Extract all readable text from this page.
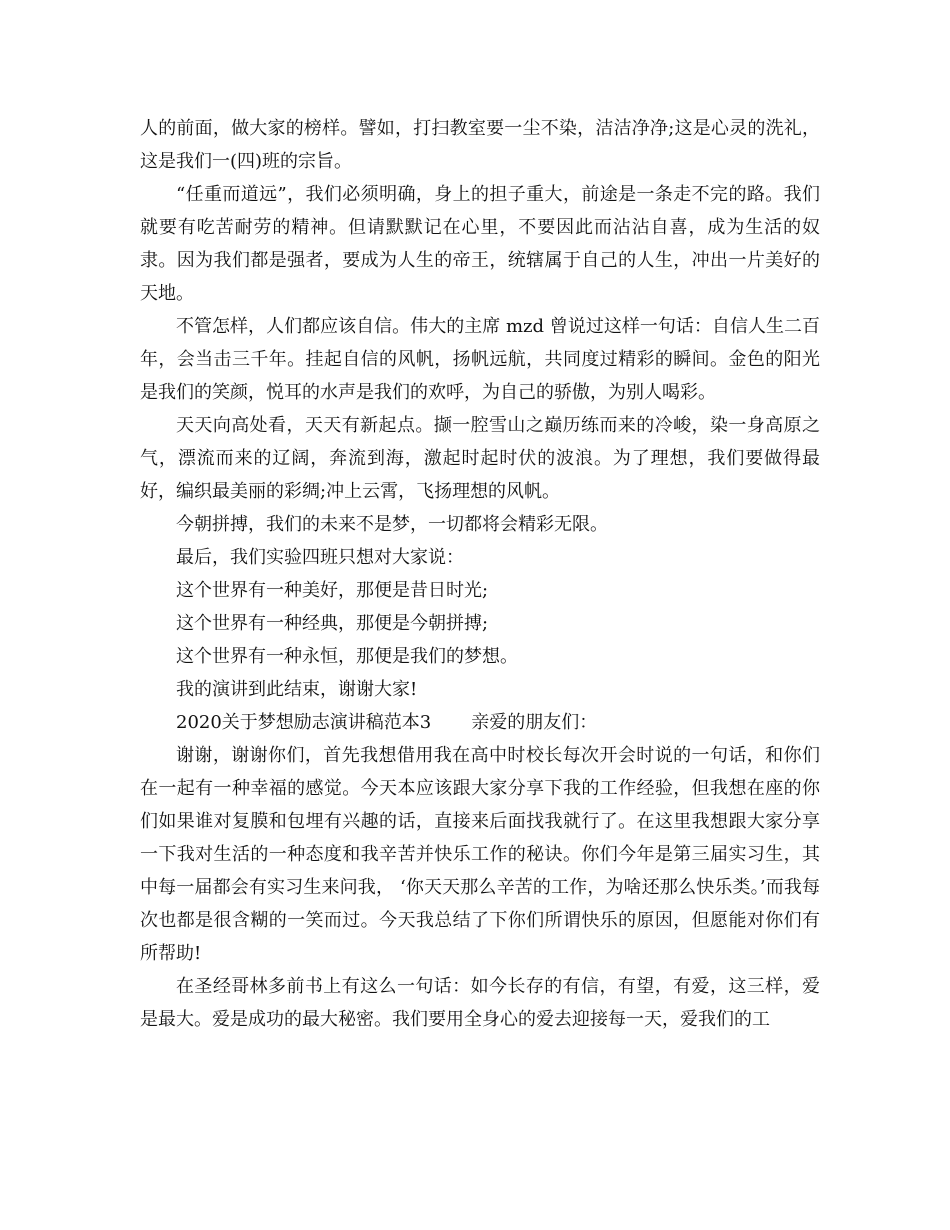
人的前面，做大家的榜样。譬如，打扫教室要一尘不染，洁洁净净;这是心灵的洗礼，这是我们一(四)班的宗旨。

“任重而道远”，我们必须明确，身上的担子重大，前途是一条走不完的路。我们就要有吃苦耐劳的精神。但请默默记在心里，不要因此而沾沾自喜，成为生活的奴隶。因为我们都是强者，要成为人生的帝王，统辖属于自己的人生，冲出一片美好的天地。

不管怎样，人们都应该自信。伟大的主席 mzd 曾说过这样一句话：自信人生二百年，会当击三千年。挂起自信的风帆，扬帆远航，共同度过精彩的瞬间。金色的阳光是我们的笑颜，悦耳的水声是我们的欢呼，为自己的骄傲，为别人喝彩。

天天向高处看，天天有新起点。撷一腔雪山之巅历练而来的冷峻，染一身高原之气，漂流而来的辽阔，奔流到海，激起时起时伏的波浪。为了理想，我们要做得最好，编织最美丽的彩绸;冲上云霄，飞扬理想的风帆。

今朝拼搏，我们的未来不是梦，一切都将会精彩无限。

最后，我们实验四班只想对大家说：

这个世界有一种美好，那便是昔日时光;

这个世界有一种经典，那便是今朝拼搏;

这个世界有一种永恒，那便是我们的梦想。

我的演讲到此结束，谢谢大家!

2020关于梦想励志演讲稿范本3 亲爱的朋友们：

谢谢，谢谢你们，首先我想借用我在高中时校长每次开会时说的一句话，和你们在一起有一种幸福的感觉。今天本应该跟大家分享下我的工作经验，但我想在座的你们如果谁对复膜和包埋有兴趣的话，直接来后面找我就行了。在这里我想跟大家分享一下我对生活的一种态度和我辛苦并快乐工作的秘诀。你们今年是第三届实习生，其中每一届都会有实习生来问我， ‘你天天那么辛苦的工作，为啥还那么快乐类。’而我每次也都是很含糊的一笑而过。今天我总结了下你们所谓快乐的原因，但愿能对你们有所帮助!

在圣经哥林多前书上有这么一句话：如今长存的有信，有望，有爱，这三样，爱是最大。爱是成功的最大秘密。我们要用全身心的爱去迎接每一天，爱我们的工
